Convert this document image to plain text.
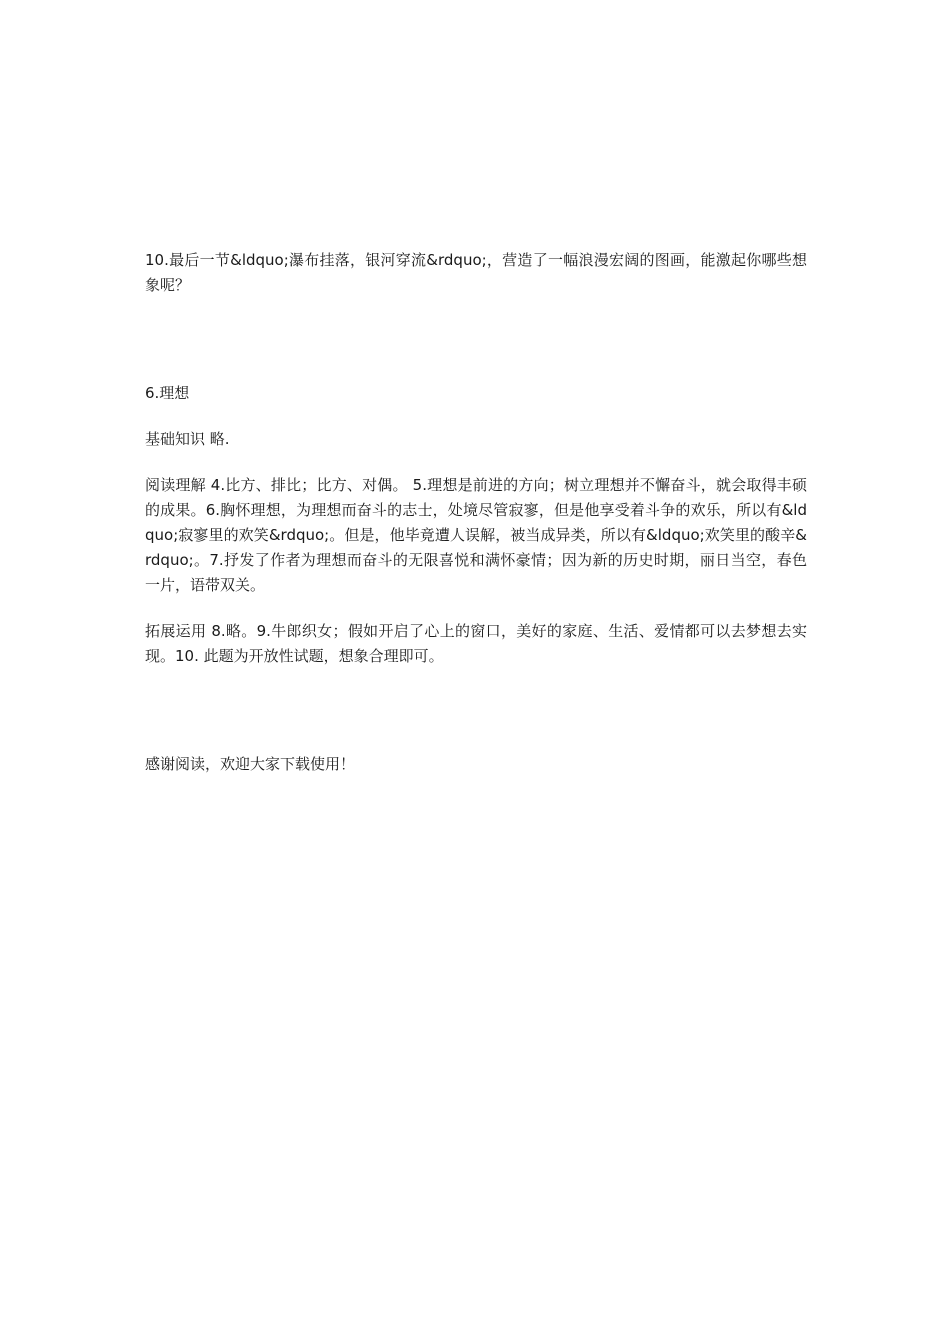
10.最后一节&ldquo;瀑布挂落，银河穿流&rdquo;，营造了一幅浪漫宏阔的图画，能激起你哪些想象呢？

6.理想

基础知识 略.

阅读理解 4.比方、排比；比方、对偶。 5.理想是前进的方向；树立理想并不懈奋斗，就会取得丰硕的成果。6.胸怀理想，为理想而奋斗的志士，处境尽管寂寥，但是他享受着斗争的欢乐，所以有&ldquo;寂寥里的欢笑&rdquo;。但是，他毕竟遭人误解，被当成异类，所以有&ldquo;欢笑里的酸辛&rdquo;。7.抒发了作者为理想而奋斗的无限喜悦和满怀豪情；因为新的历史时期，丽日当空，春色一片，语带双关。

拓展运用 8.略。9.牛郎织女；假如开启了心上的窗口，美好的家庭、生活、爱情都可以去梦想去实现。10. 此题为开放性试题，想象合理即可。

感谢阅读，欢迎大家下载使用！
